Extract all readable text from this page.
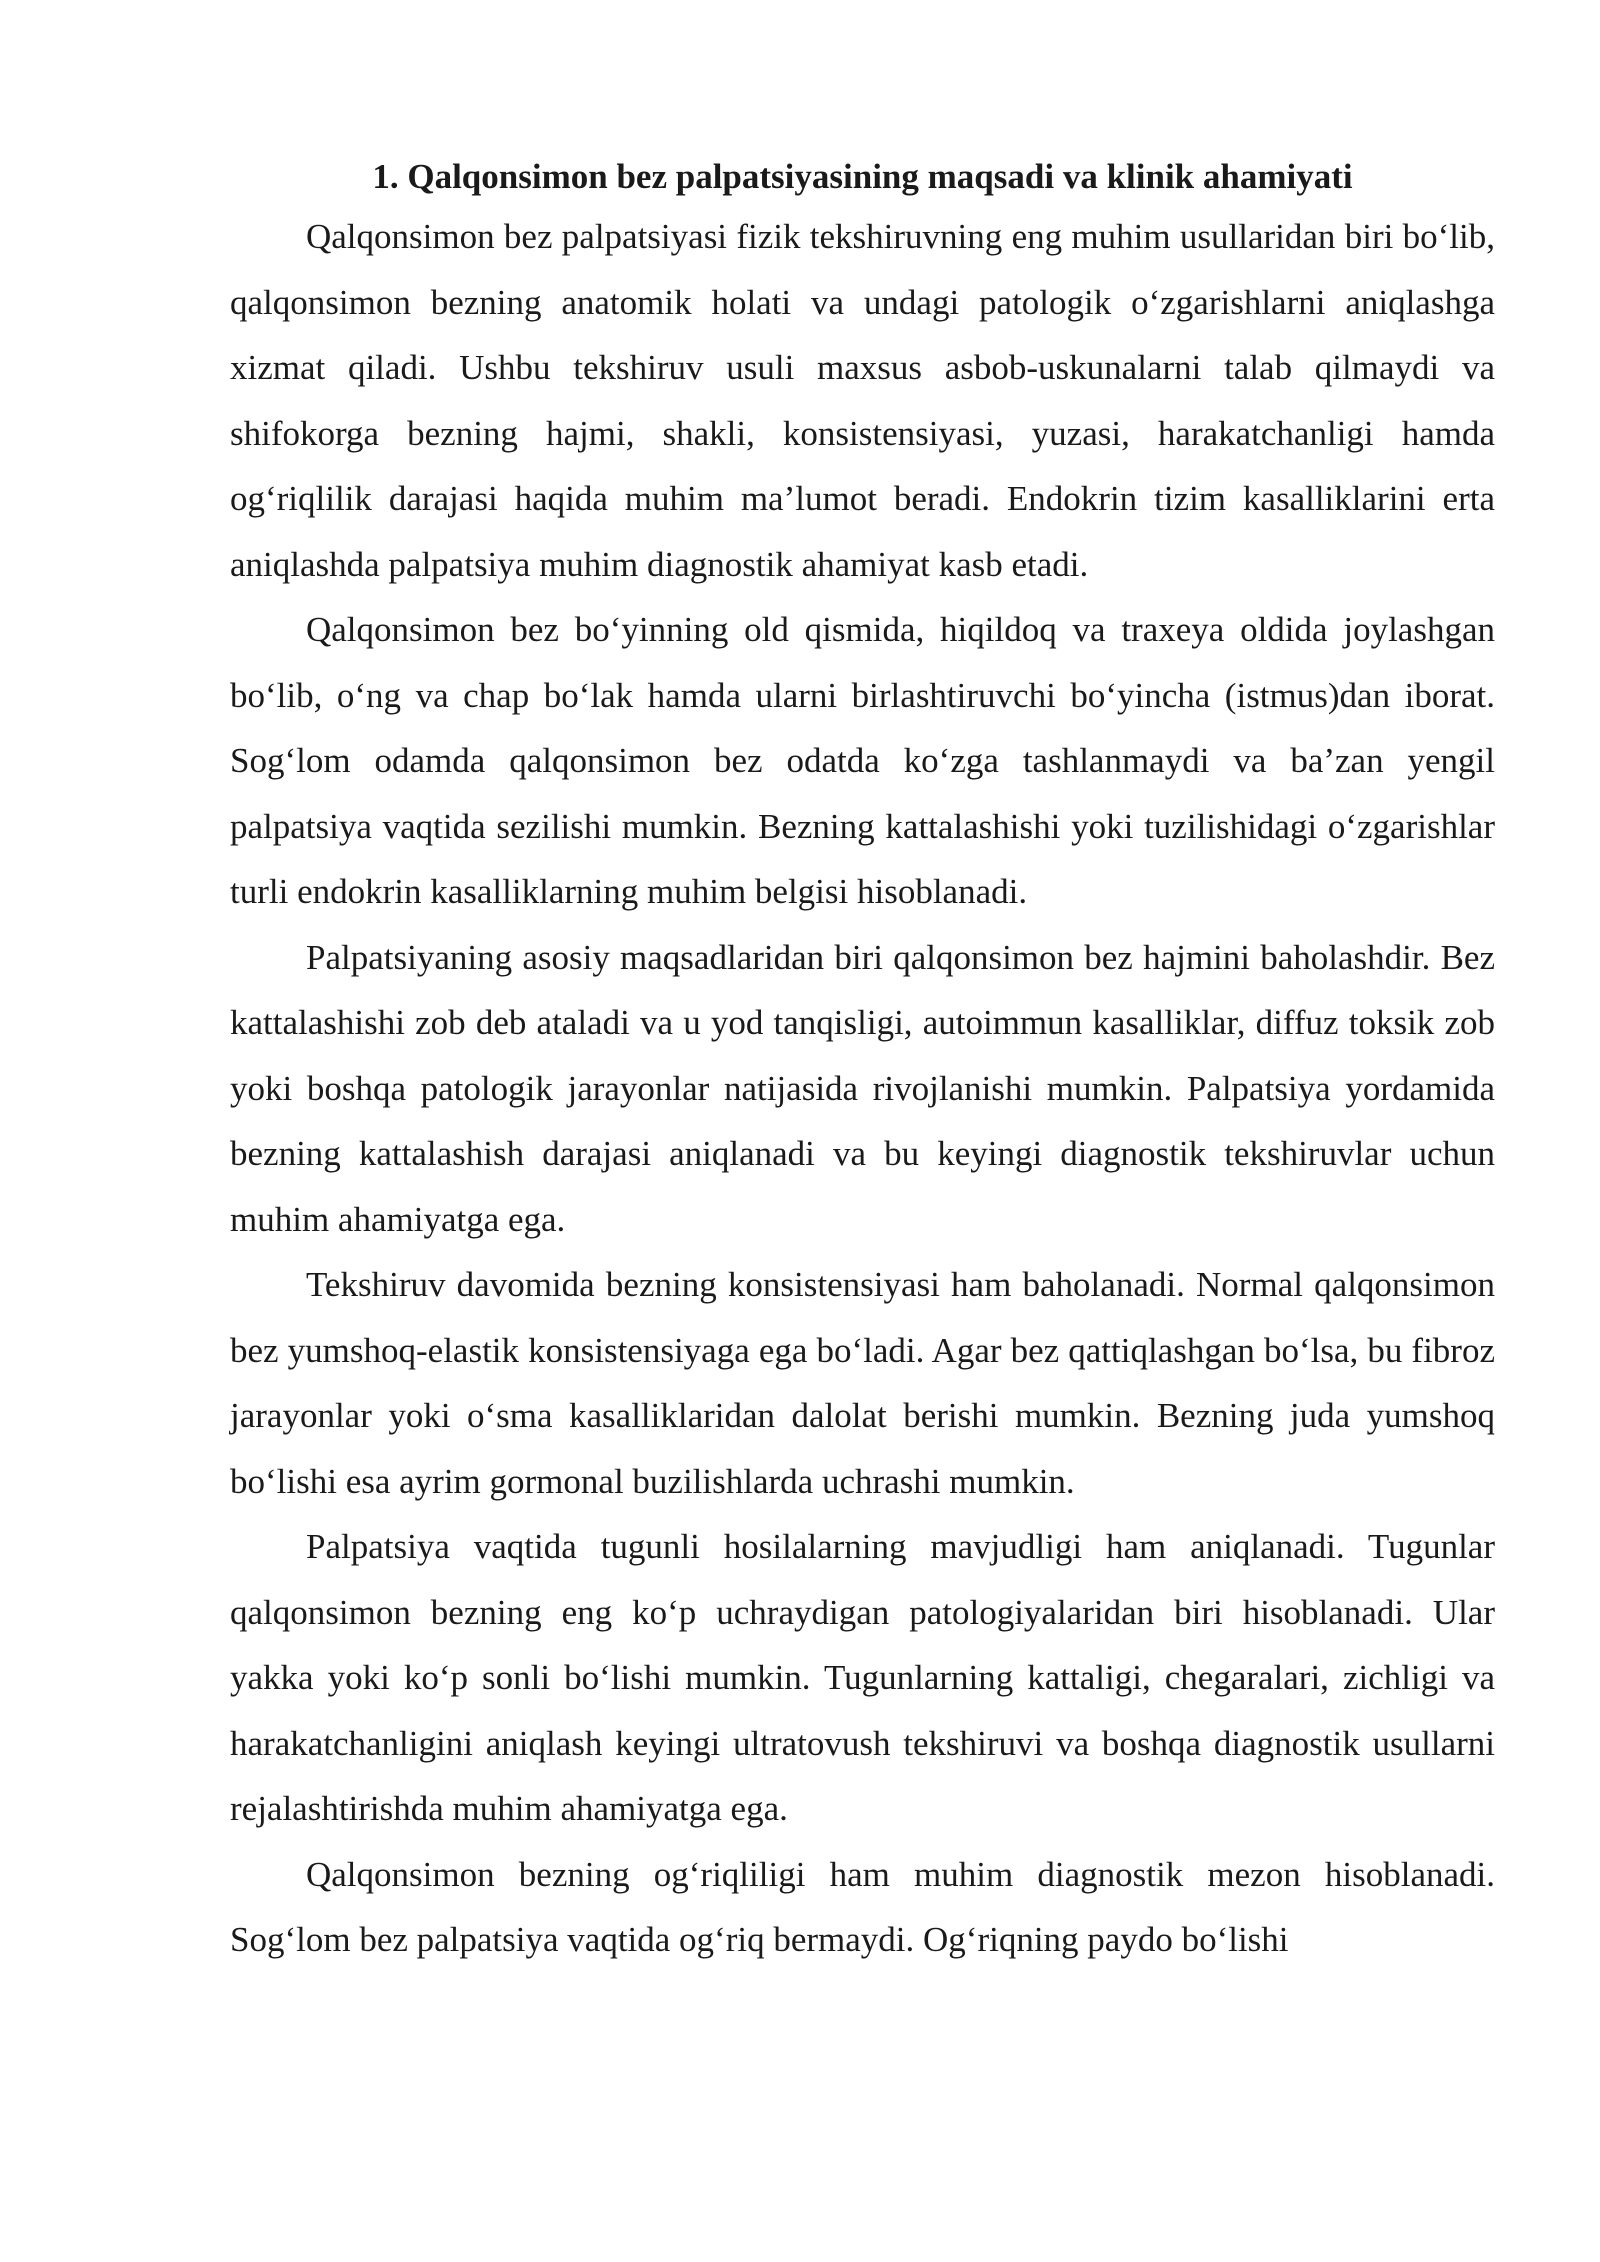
1. Qalqonsimon bez palpatsiyasining maqsadi va klinik ahamiyati

Qalqonsimon bez palpatsiyasi fizik tekshiruvning eng muhim usullaridan biri bo‘lib, qalqonsimon bezning anatomik holati va undagi patologik o‘zgarishlarni aniqlashga xizmat qiladi. Ushbu tekshiruv usuli maxsus asbob-uskunalarni talab qilmaydi va shifokorga bezning hajmi, shakli, konsistensiyasi, yuzasi, harakatchanligi hamda og‘riqlilik darajasi haqida muhim ma’lumot beradi. Endokrin tizim kasalliklarini erta aniqlashda palpatsiya muhim diagnostik ahamiyat kasb etadi.

Qalqonsimon bez bo‘yinning old qismida, hiqildoq va traxeya oldida joylashgan bo‘lib, o‘ng va chap bo‘lak hamda ularni birlashtiruvchi bo‘yincha (istmus)dan iborat. Sog‘lom odamda qalqonsimon bez odatda ko‘zga tashlanmaydi va ba’zan yengil palpatsiya vaqtida sezilishi mumkin. Bezning kattalashishi yoki tuzilishidagi o‘zgarishlar turli endokrin kasalliklarning muhim belgisi hisoblanadi.

Palpatsiyaning asosiy maqsadlaridan biri qalqonsimon bez hajmini baholashdir. Bez kattalashishi zob deb ataladi va u yod tanqisligi, autoimmun kasalliklar, diffuz toksik zob yoki boshqa patologik jarayonlar natijasida rivojlanishi mumkin. Palpatsiya yordamida bezning kattalashish darajasi aniqlanadi va bu keyingi diagnostik tekshiruvlar uchun muhim ahamiyatga ega.

Tekshiruv davomida bezning konsistensiyasi ham baholanadi. Normal qalqonsimon bez yumshoq-elastik konsistensiyaga ega bo‘ladi. Agar bez qattiqlashgan bo‘lsa, bu fibroz jarayonlar yoki o‘sma kasalliklaridan dalolat berishi mumkin. Bezning juda yumshoq bo‘lishi esa ayrim gormonal buzilishlarda uchrashi mumkin.

Palpatsiya vaqtida tugunli hosilalarning mavjudligi ham aniqlanadi. Tugunlar qalqonsimon bezning eng ko‘p uchraydigan patologiyalaridan biri hisoblanadi. Ular yakka yoki ko‘p sonli bo‘lishi mumkin. Tugunlarning kattaligi, chegaralari, zichligi va harakatchanligini aniqlash keyingi ultratovush tekshiruvi va boshqa diagnostik usullarni rejalashtirishda muhim ahamiyatga ega.

Qalqonsimon bezning og‘riqliligi ham muhim diagnostik mezon hisoblanadi. Sog‘lom bez palpatsiya vaqtida og‘riq bermaydi. Og‘riqning paydo bo‘lishi
